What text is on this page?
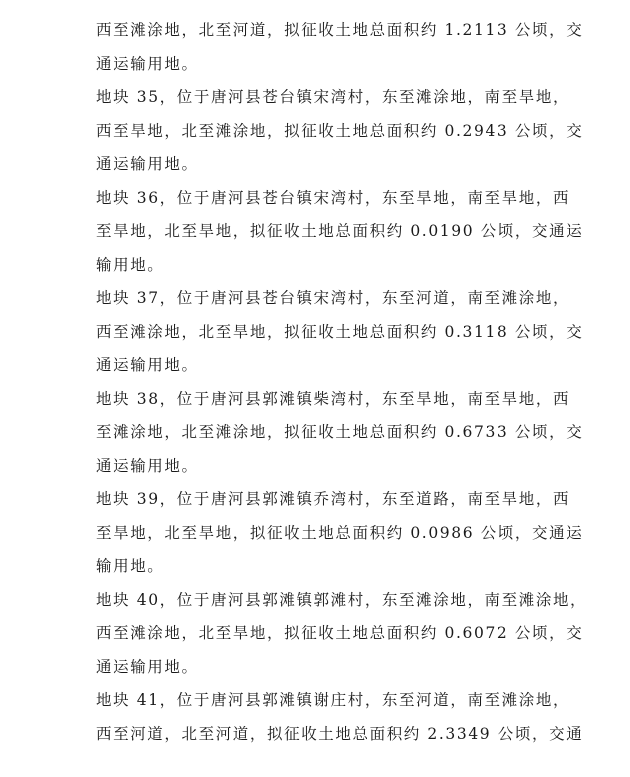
西至滩涂地，北至河道，拟征收土地总面积约 1.2113 公顷，交
通运输用地。
地块 35，位于唐河县苍台镇宋湾村，东至滩涂地，南至旱地，
西至旱地，北至滩涂地，拟征收土地总面积约 0.2943 公顷，交
通运输用地。
地块 36，位于唐河县苍台镇宋湾村，东至旱地，南至旱地，西
至旱地，北至旱地，拟征收土地总面积约 0.0190 公顷，交通运
输用地。
地块 37，位于唐河县苍台镇宋湾村，东至河道，南至滩涂地，
西至滩涂地，北至旱地，拟征收土地总面积约 0.3118 公顷，交
通运输用地。
地块 38，位于唐河县郭滩镇柴湾村，东至旱地，南至旱地，西
至滩涂地，北至滩涂地，拟征收土地总面积约 0.6733 公顷，交
通运输用地。
地块 39，位于唐河县郭滩镇乔湾村，东至道路，南至旱地，西
至旱地，北至旱地，拟征收土地总面积约 0.0986 公顷，交通运
输用地。
地块 40，位于唐河县郭滩镇郭滩村，东至滩涂地，南至滩涂地，
西至滩涂地，北至旱地，拟征收土地总面积约 0.6072 公顷，交
通运输用地。
地块 41，位于唐河县郭滩镇谢庄村，东至河道，南至滩涂地，
西至河道，北至河道，拟征收土地总面积约 2.3349 公顷，交通
